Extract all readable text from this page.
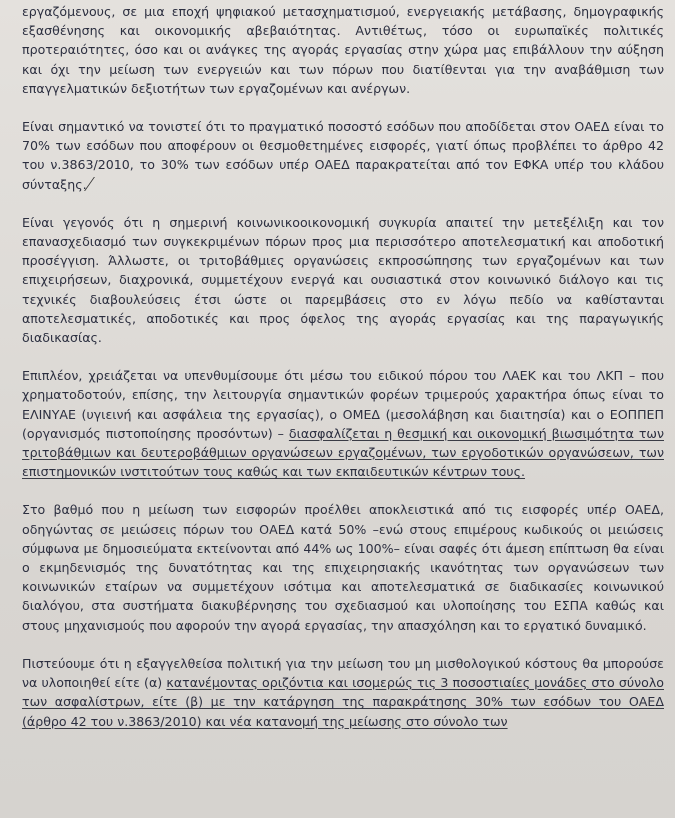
εργαζόμενους, σε μια εποχή ψηφιακού μετασχηματισμού, ενεργειακής μετάβασης, δημογραφικής εξασθένησης και οικονομικής αβεβαιότητας. Αντιθέτως, τόσο οι ευρωπαϊκές πολιτικές προτεραιότητες, όσο και οι ανάγκες της αγοράς εργασίας στην χώρα μας επιβάλλουν την αύξηση και όχι την μείωση των ενεργειών και των πόρων που διατίθενται για την αναβάθμιση των επαγγελματικών δεξιοτήτων των εργαζομένων και ανέργων.

Είναι σημαντικό να τονιστεί ότι το πραγματικό ποσοστό εσόδων που αποδίδεται στον ΟΑΕΔ είναι το 70% των εσόδων που αποφέρουν οι θεσμοθετημένες εισφορές, γιατί όπως προβλέπει το άρθρο 42 του ν.3863/2010, το 30% των εσόδων υπέρ ΟΑΕΔ παρακρατείται από τον ΕΦΚΑ υπέρ του κλάδου σύνταξης.

Είναι γεγονός ότι η σημερινή κοινωνικοοικονομική συγκυρία απαιτεί την μετεξέλιξη και τον επανασχεδιασμό των συγκεκριμένων πόρων προς μια περισσότερο αποτελεσματική και αποδοτική προσέγγιση. Άλλωστε, οι τριτοβάθμιες οργανώσεις εκπροσώπησης των εργαζομένων και των επιχειρήσεων, διαχρονικά, συμμετέχουν ενεργά και ουσιαστικά στον κοινωνικό διάλογο και τις τεχνικές διαβουλεύσεις έτσι ώστε οι παρεμβάσεις στο εν λόγω πεδίο να καθίστανται αποτελεσματικές, αποδοτικές και προς όφελος της αγοράς εργασίας και της παραγωγικής διαδικασίας.

Επιπλέον, χρειάζεται να υπενθυμίσουμε ότι μέσω του ειδικού πόρου του ΛΑΕΚ και του ΛΚΠ – που χρηματοδοτούν, επίσης, την λειτουργία σημαντικών φορέων τριμερούς χαρακτήρα όπως είναι το ΕΛΙΝΥΑΕ (υγιεινή και ασφάλεια της εργασίας), ο ΟΜΕΔ (μεσολάβηση και διαιτησία) και ο ΕΟΠΠΕΠ (οργανισμός πιστοποίησης προσόντων) – διασφαλίζεται η θεσμική και οικονομική βιωσιμότητα των τριτοβάθμιων και δευτεροβάθμιων οργανώσεων εργαζομένων, των εργοδοτικών οργανώσεων, των επιστημονικών ινστιτούτων τους καθώς και των εκπαιδευτικών κέντρων τους.

Στο βαθμό που η μείωση των εισφορών προέλθει αποκλειστικά από τις εισφορές υπέρ ΟΑΕΔ, οδηγώντας σε μειώσεις πόρων του ΟΑΕΔ κατά 50% –ενώ στους επιμέρους κωδικούς οι μειώσεις σύμφωνα με δημοσιεύματα εκτείνονται από 44% ως 100%– είναι σαφές ότι άμεση επίπτωση θα είναι ο εκμηδενισμός της δυνατότητας και της επιχειρησιακής ικανότητας των οργανώσεων των κοινωνικών εταίρων να συμμετέχουν ισότιμα και αποτελεσματικά σε διαδικασίες κοινωνικού διαλόγου, στα συστήματα διακυβέρνησης του σχεδιασμού και υλοποίησης του ΕΣΠΑ καθώς και στους μηχανισμούς που αφορούν την αγορά εργασίας, την απασχόληση και το εργατικό δυναμικό.

Πιστεύουμε ότι η εξαγγελθείσα πολιτική για την μείωση του μη μισθολογικού κόστους θα μπορούσε να υλοποιηθεί είτε (α) κατανέμοντας οριζόντια και ισομερώς τις 3 ποσοστιαίες μονάδες στο σύνολο των ασφαλίστρων, είτε (β) με την κατάργηση της παρακράτησης 30% των εσόδων του ΟΑΕΔ (άρθρο 42 του ν.3863/2010) και νέα κατανομή της μείωσης στο σύνολο των
